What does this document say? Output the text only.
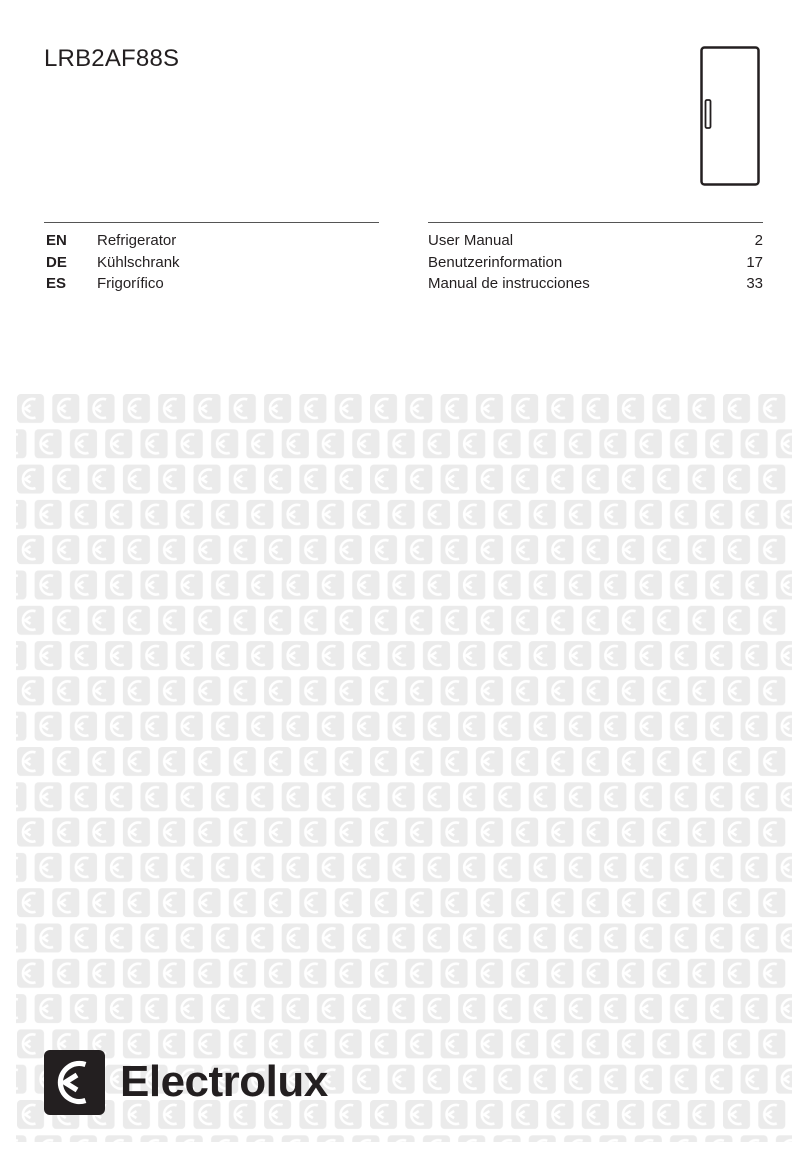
LRB2AF88S
EN Refrigerator	User Manual	2
DE Kühlschrank	Benutzerinformation	17
ES Frigorífico	Manual de instrucciones	33
Electrolux
